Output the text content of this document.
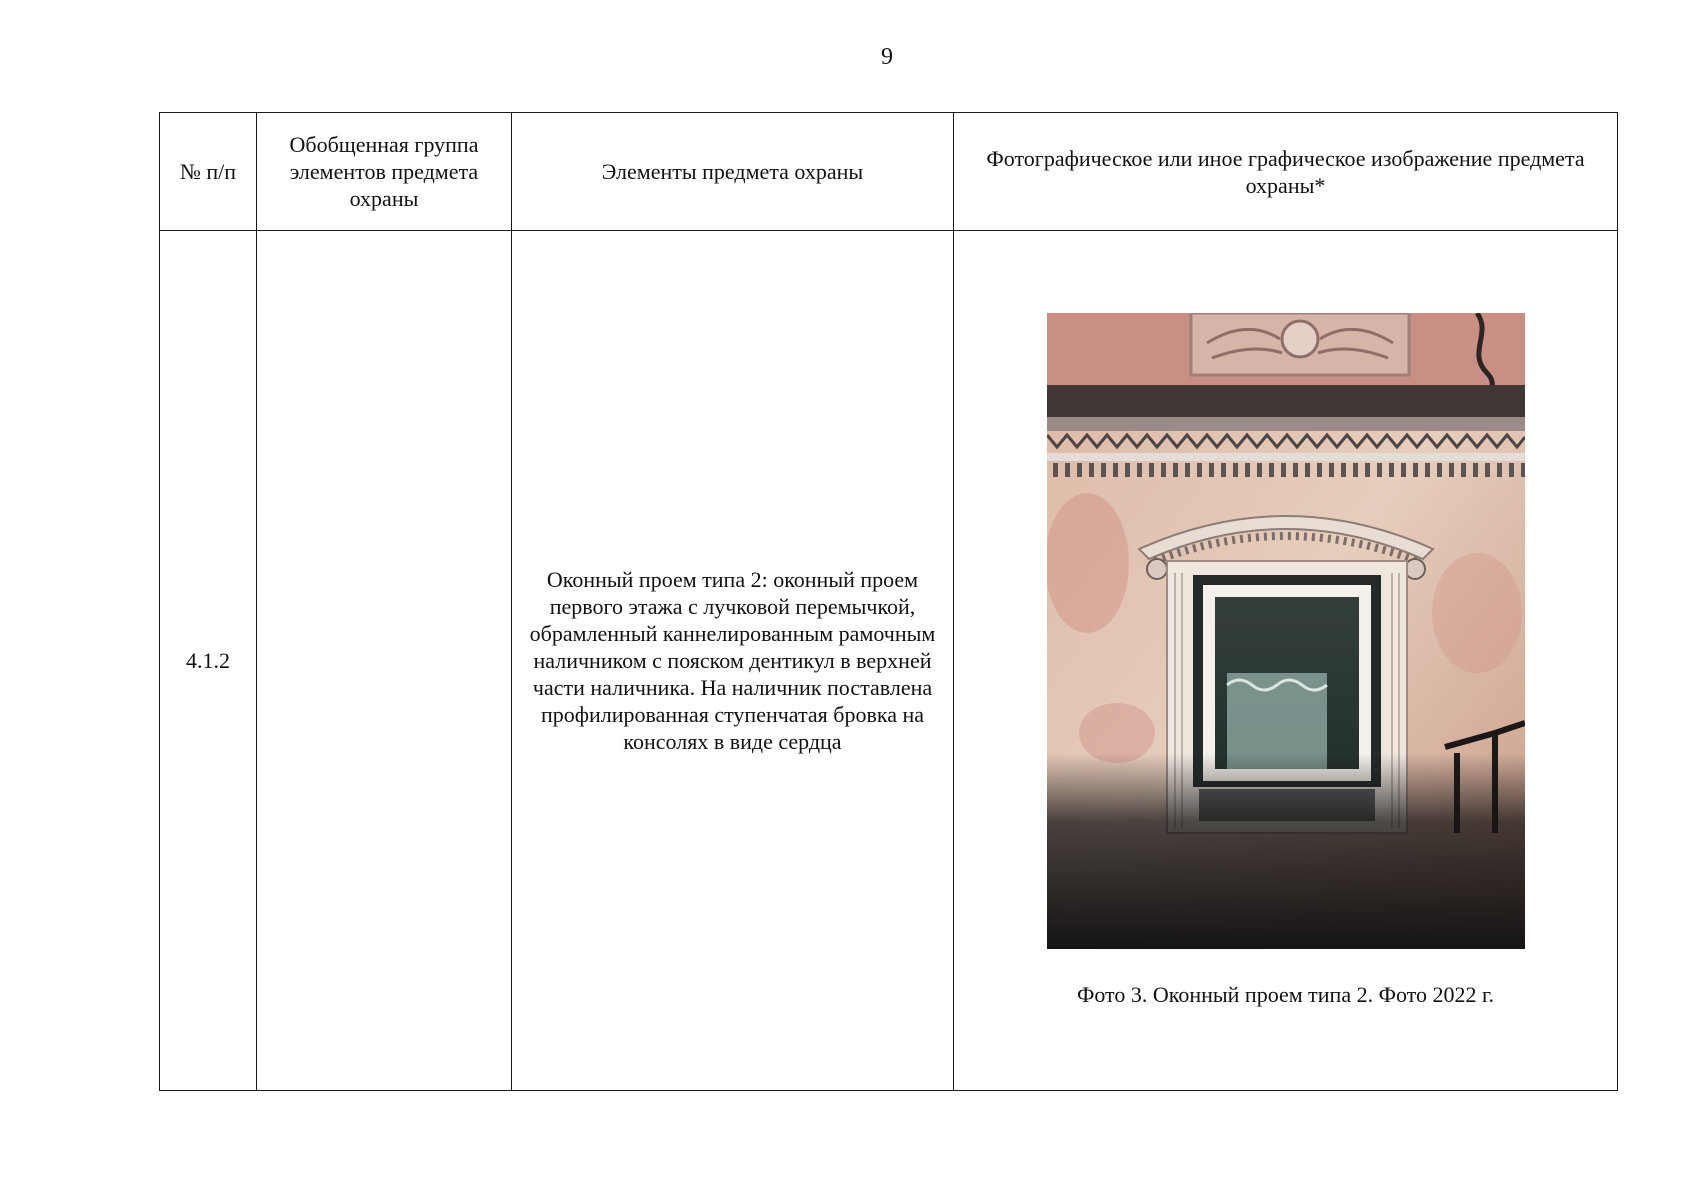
9
№ п/п	Обобщенная группа элементов предмета охраны	Элементы предмета охраны	Фотографическое или иное графическое изображение предмета охраны*
4.1.2		Оконный проем типа 2: оконный проем первого этажа с лучковой перемычкой, обрамленный каннелированным рамочным наличником с пояском дентикул в верхней части наличника. На наличник поставлена профилированная ступенчатая бровка на консолях в виде сердца	Фото 3. Оконный проем типа 2. Фото 2022 г.
